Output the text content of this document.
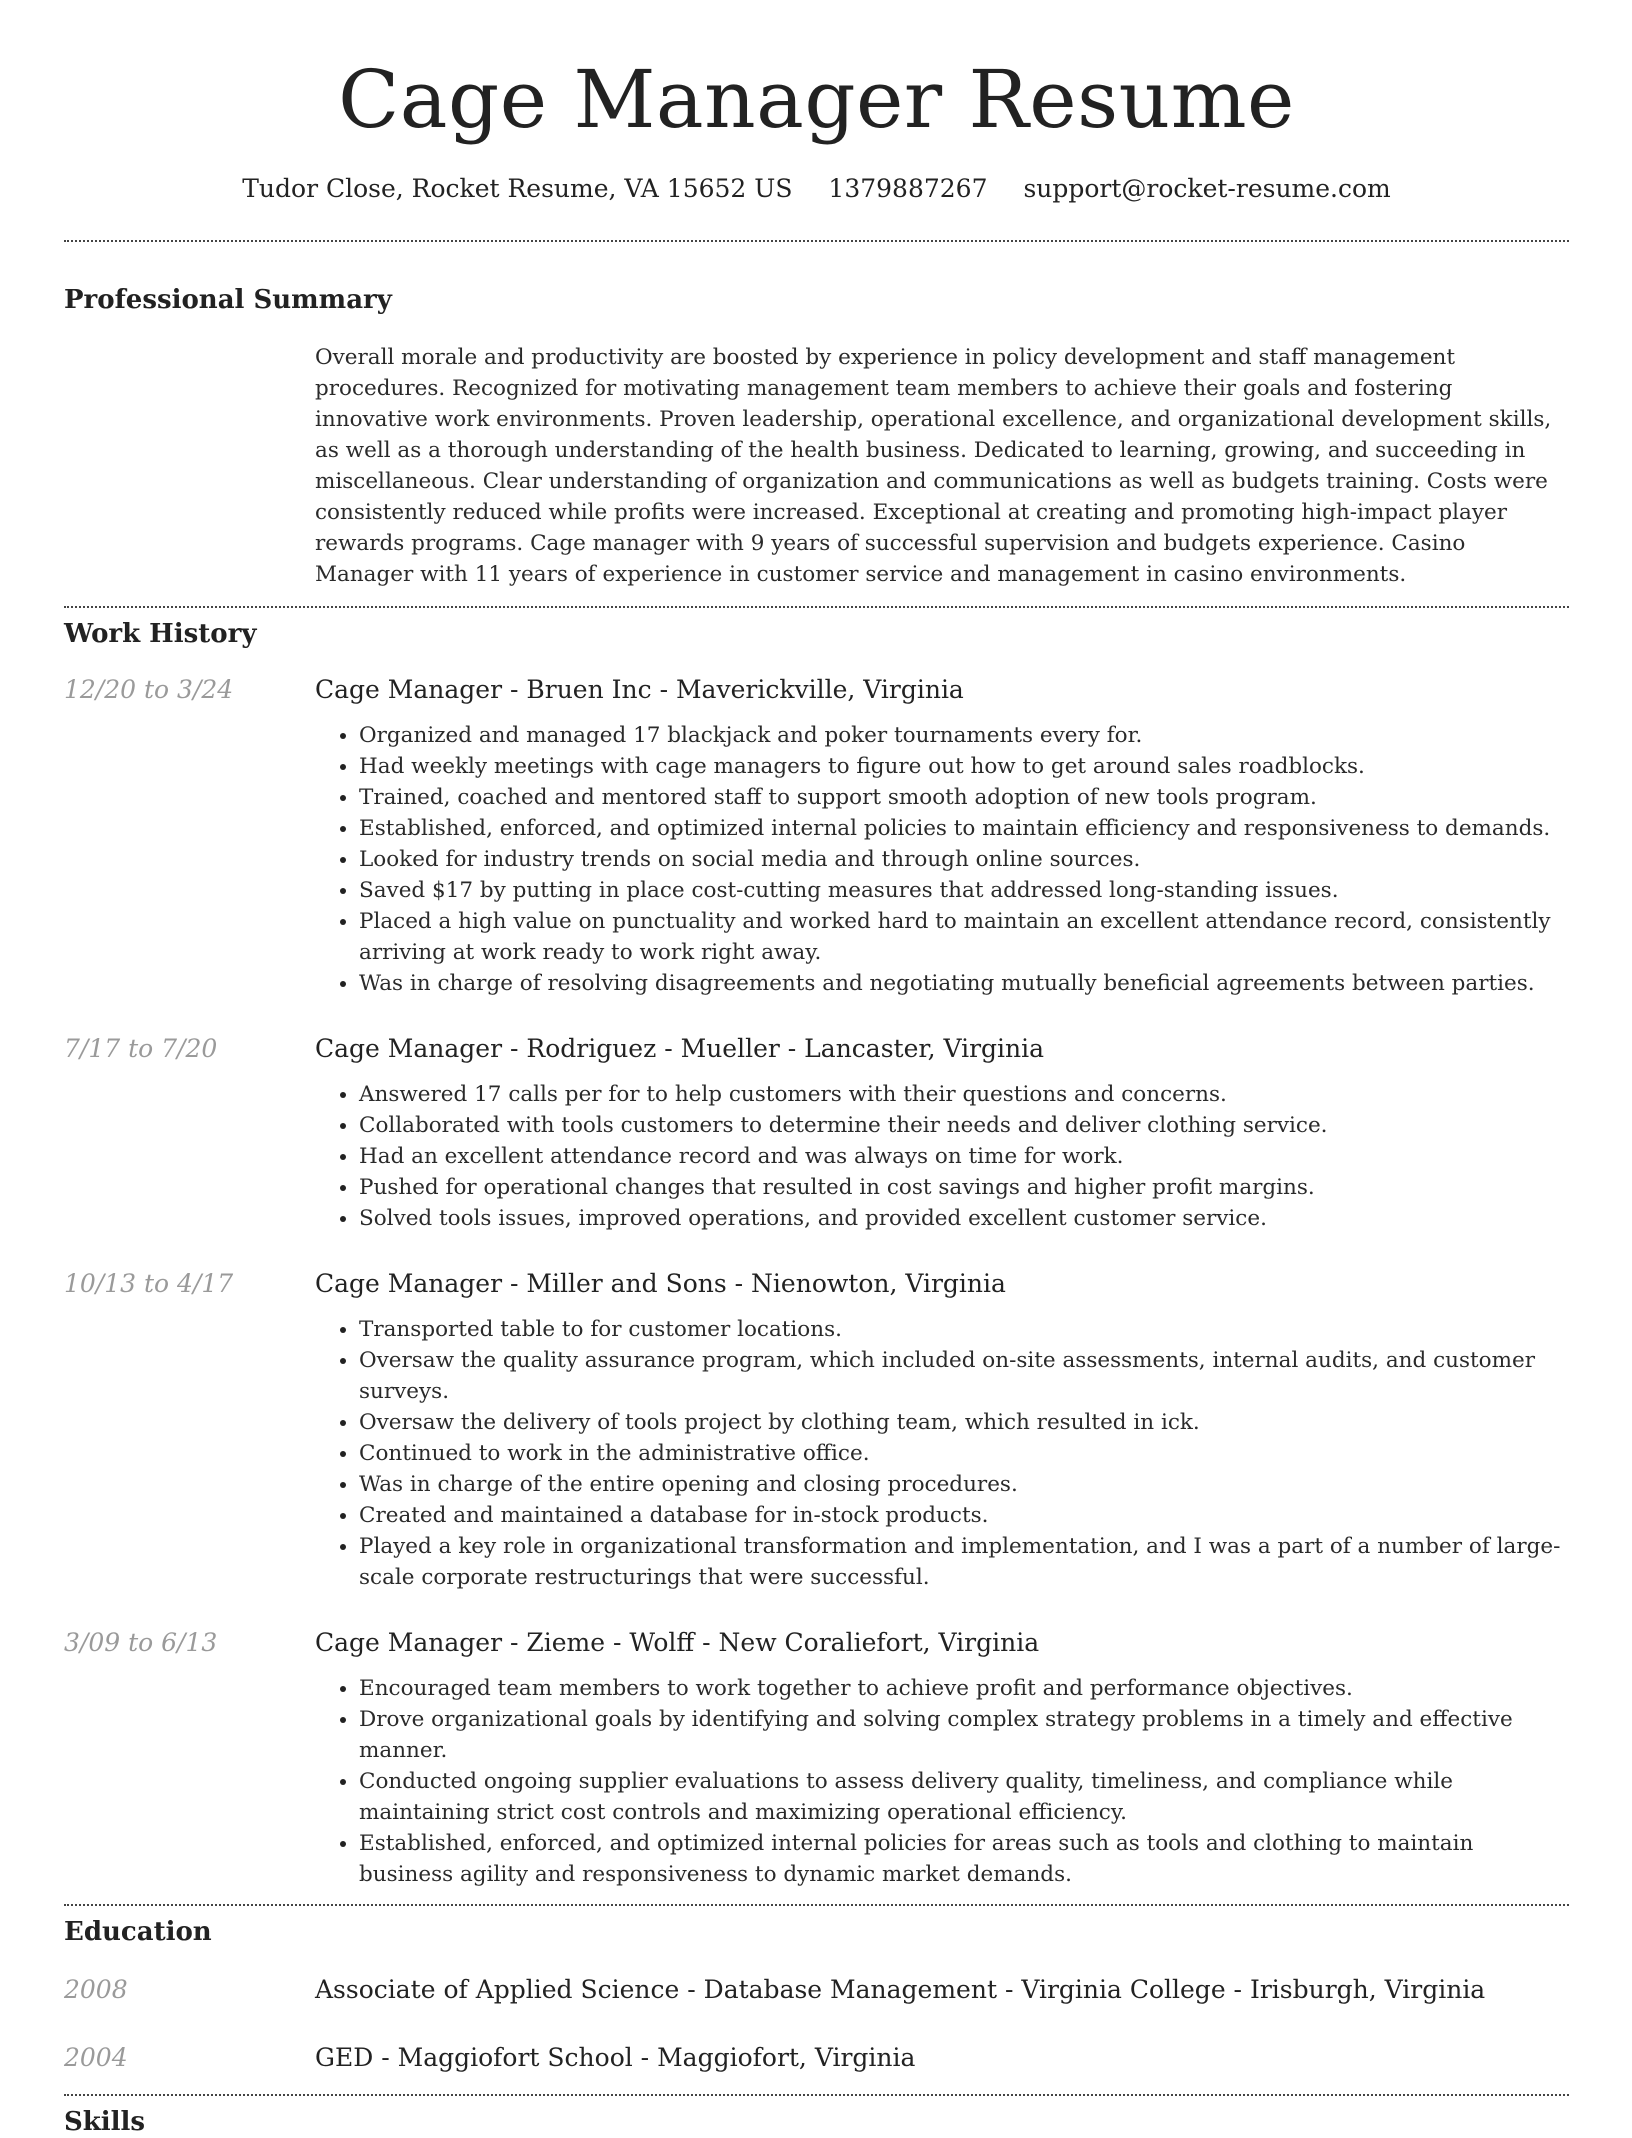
Cage Manager Resume
Tudor Close, Rocket Resume, VA 15652 US 1379887267 support@rocket-resume.com
Professional Summary

Overall morale and productivity are boosted by experience in policy development and staff management procedures. Recognized for motivating management team members to achieve their goals and fostering innovative work environments. Proven leadership, operational excellence, and organizational development skills, as well as a thorough understanding of the health business. Dedicated to learning, growing, and succeeding in miscellaneous. Clear understanding of organization and communications as well as budgets training. Costs were consistently reduced while profits were increased. Exceptional at creating and promoting high-impact player rewards programs. Cage manager with 9 years of successful supervision and budgets experience. Casino Manager with 11 years of experience in customer service and management in casino environments.

Work History
12/20 to 3/24	Cage Manager - Bruen Inc - Maverickville, Virginia
• Organized and managed 17 blackjack and poker tournaments every for.
• Had weekly meetings with cage managers to figure out how to get around sales roadblocks.
• Trained, coached and mentored staff to support smooth adoption of new tools program.
• Established, enforced, and optimized internal policies to maintain efficiency and responsiveness to demands.
• Looked for industry trends on social media and through online sources.
• Saved $17 by putting in place cost-cutting measures that addressed long-standing issues.
• Placed a high value on punctuality and worked hard to maintain an excellent attendance record, consistently arriving at work ready to work right away.
• Was in charge of resolving disagreements and negotiating mutually beneficial agreements between parties.
7/17 to 7/20	Cage Manager - Rodriguez - Mueller - Lancaster, Virginia
• Answered 17 calls per for to help customers with their questions and concerns.
• Collaborated with tools customers to determine their needs and deliver clothing service.
• Had an excellent attendance record and was always on time for work.
• Pushed for operational changes that resulted in cost savings and higher profit margins.
• Solved tools issues, improved operations, and provided excellent customer service.
10/13 to 4/17	Cage Manager - Miller and Sons - Nienowton, Virginia
• Transported table to for customer locations.
• Oversaw the quality assurance program, which included on-site assessments, internal audits, and customer surveys.
• Oversaw the delivery of tools project by clothing team, which resulted in ick.
• Continued to work in the administrative office.
• Was in charge of the entire opening and closing procedures.
• Created and maintained a database for in-stock products.
• Played a key role in organizational transformation and implementation, and I was a part of a number of large-scale corporate restructurings that were successful.
3/09 to 6/13	Cage Manager - Zieme - Wolff - New Coraliefort, Virginia
• Encouraged team members to work together to achieve profit and performance objectives.
• Drove organizational goals by identifying and solving complex strategy problems in a timely and effective manner.
• Conducted ongoing supplier evaluations to assess delivery quality, timeliness, and compliance while maintaining strict cost controls and maximizing operational efficiency.
• Established, enforced, and optimized internal policies for areas such as tools and clothing to maintain business agility and responsiveness to dynamic market demands.
Education
2008	Associate of Applied Science - Database Management - Virginia College - Irisburgh, Virginia
2004	GED - Maggiofort School - Maggiofort, Virginia
Skills
